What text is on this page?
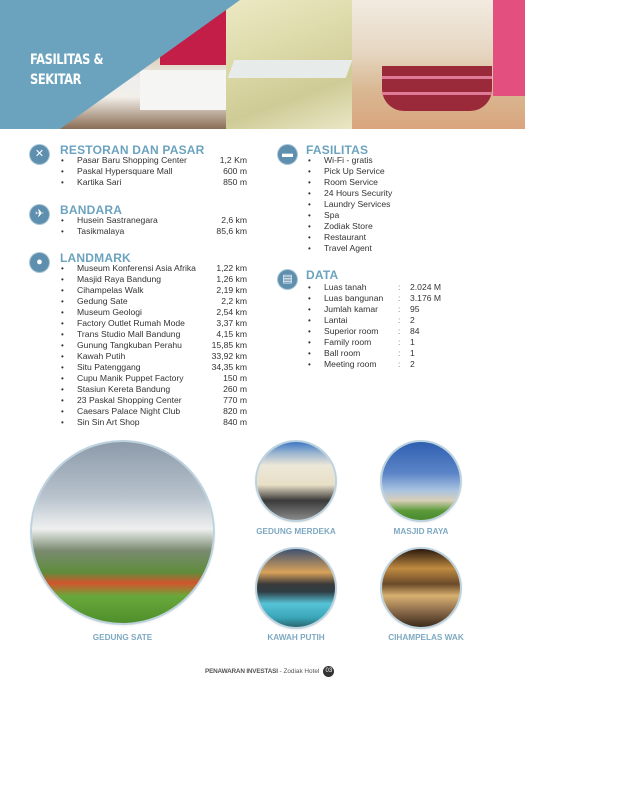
FASILITAS &
SEKITAR
✕	RESTORAN DAN PASAR
• Pasar Baru Shopping Center	1,2 Km
• Paskal Hypersquare Mall	600 m
• Kartika Sari	850 m
✈	BANDARA
• Husein Sastranegara	2,6 km
• Tasikmalaya	85,6 km
●	LANDMARK
• Museum Konferensi Asia Afrika 1,22 km
• Masjid Raya Bandung	1,26 km
• Cihampelas Walk	2,19 km
• Gedung Sate	2,2 km
• Museum Geologi	2,54 km
• Factory Outlet Rumah Mode	3,37 km
• Trans Studio Mall Bandung	4,15 km
• Gunung Tangkuban Perahu	15,85 km
• Kawah Putih	33,92 km
• Situ Patenggang	34,35 km
• Cupu Manik Puppet Factory	150 m
• Stasiun Kereta Bandung	260 m
• 23 Paskal Shopping Center	770 m
• Caesars Palace Night Club	820 m
• Sin Sin Art Shop	840 m
▬	FASILITAS
• Wi-Fi - gratis
• Pick Up Service
• Room Service
• 24 Hours Security
• Laundry Services
• Spa
• Zodiak Store
• Restaurant
• Travel Agent
▤	DATA
• Luas tanah	: 2.024 M
• Luas bangunan : 3.176 M
• Jumlah kamar : 95
• Lantai	: 2
• Superior room : 84
• Family room	: 1
• Ball room	: 1
• Meeting room : 2
GEDUNG SATE
GEDUNG MERDEKA	MASJID RAYA
KAWAH PUTIH	CIHAMPELAS WAK
PENAWARAN INVESTASI - Zodiak Hotel 03
